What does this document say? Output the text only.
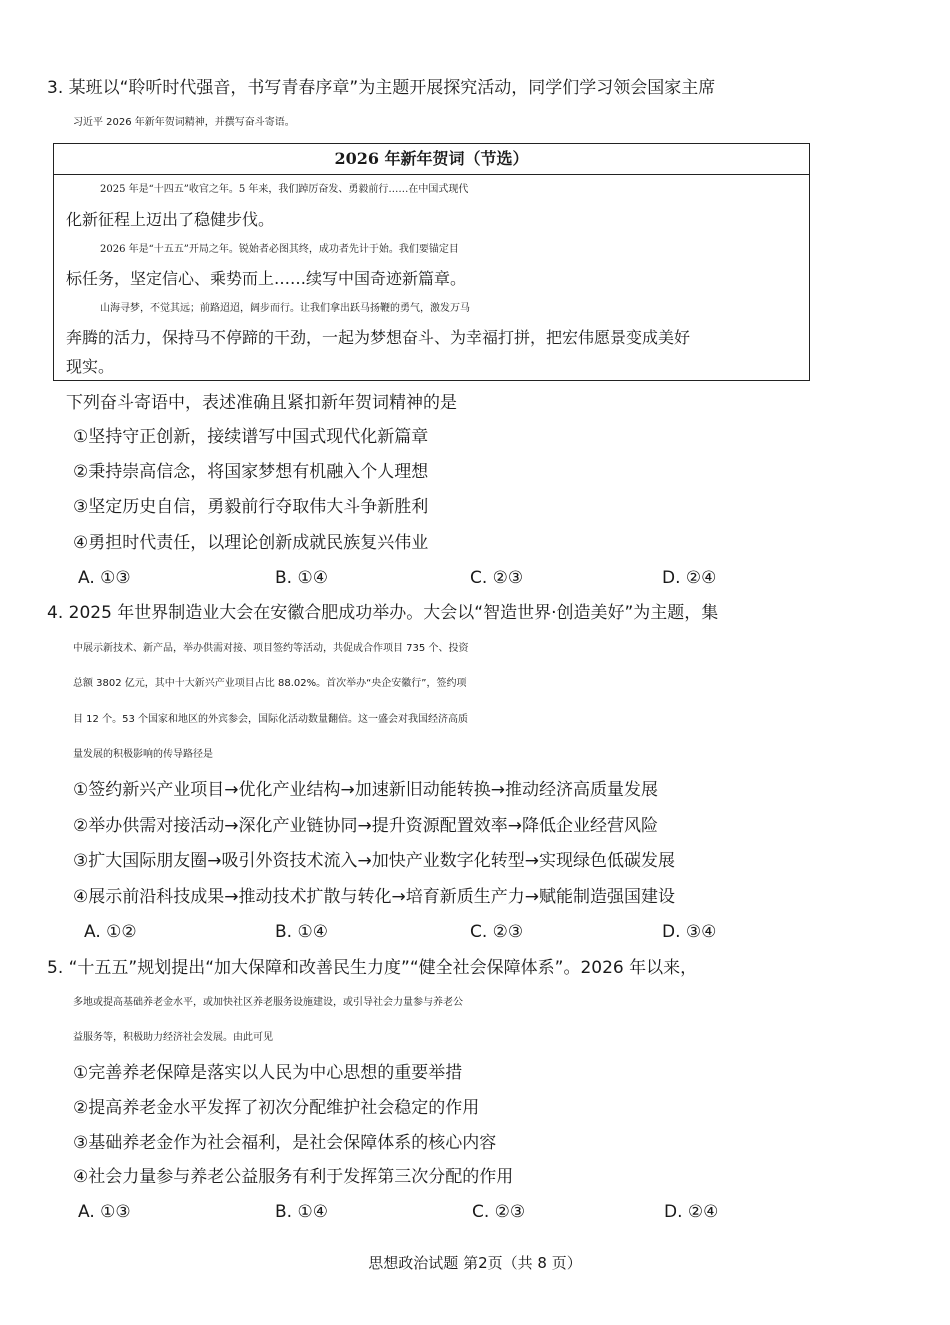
3. 某班以“聆听时代强音，书写青春序章”为主题开展探究活动，同学们学习领会国家主席
习近平 2026 年新年贺词精神，并撰写奋斗寄语。
2026 年新年贺词（节选）
2025 年是“十四五”收官之年。5 年来，我们踔厉奋发、勇毅前行……在中国式现代
化新征程上迈出了稳健步伐。
2026 年是“十五五”开局之年。锐始者必图其终，成功者先计于始。我们要锚定目
标任务，坚定信心、乘势而上……续写中国奇迹新篇章。
山海寻梦，不觉其远；前路迢迢，阔步而行。让我们拿出跃马扬鞭的勇气，激发万马
奔腾的活力，保持马不停蹄的干劲，一起为梦想奋斗、为幸福打拼，把宏伟愿景变成美好
现实。
下列奋斗寄语中，表述准确且紧扣新年贺词精神的是
①坚持守正创新，接续谱写中国式现代化新篇章
②秉持崇高信念，将国家梦想有机融入个人理想
③坚定历史自信，勇毅前行夺取伟大斗争新胜利
④勇担时代责任，以理论创新成就民族复兴伟业
A. ①③	B. ①④	C. ②③	D. ②④
4. 2025 年世界制造业大会在安徽合肥成功举办。大会以“智造世界·创造美好”为主题，集
中展示新技术、新产品，举办供需对接、项目签约等活动，共促成合作项目 735 个、投资
总额 3802 亿元，其中十大新兴产业项目占比 88.02%。首次举办“央企安徽行”，签约项
目 12 个。53 个国家和地区的外宾参会，国际化活动数量翻倍。这一盛会对我国经济高质
量发展的积极影响的传导路径是
①签约新兴产业项目→优化产业结构→加速新旧动能转换→推动经济高质量发展
②举办供需对接活动→深化产业链协同→提升资源配置效率→降低企业经营风险
③扩大国际朋友圈→吸引外资技术流入→加快产业数字化转型→实现绿色低碳发展
④展示前沿科技成果→推动技术扩散与转化→培育新质生产力→赋能制造强国建设
A. ①②	B. ①④	C. ②③	D. ③④
5. “十五五”规划提出“加大保障和改善民生力度”“健全社会保障体系”。2026 年以来，
多地或提高基础养老金水平，或加快社区养老服务设施建设，或引导社会力量参与养老公
益服务等，积极助力经济社会发展。由此可见
①完善养老保障是落实以人民为中心思想的重要举措
②提高养老金水平发挥了初次分配维护社会稳定的作用
③基础养老金作为社会福利，是社会保障体系的核心内容
④社会力量参与养老公益服务有利于发挥第三次分配的作用
A. ①③	B. ①④	C. ②③	D. ②④
思想政治试题 第2页（共 8 页）
